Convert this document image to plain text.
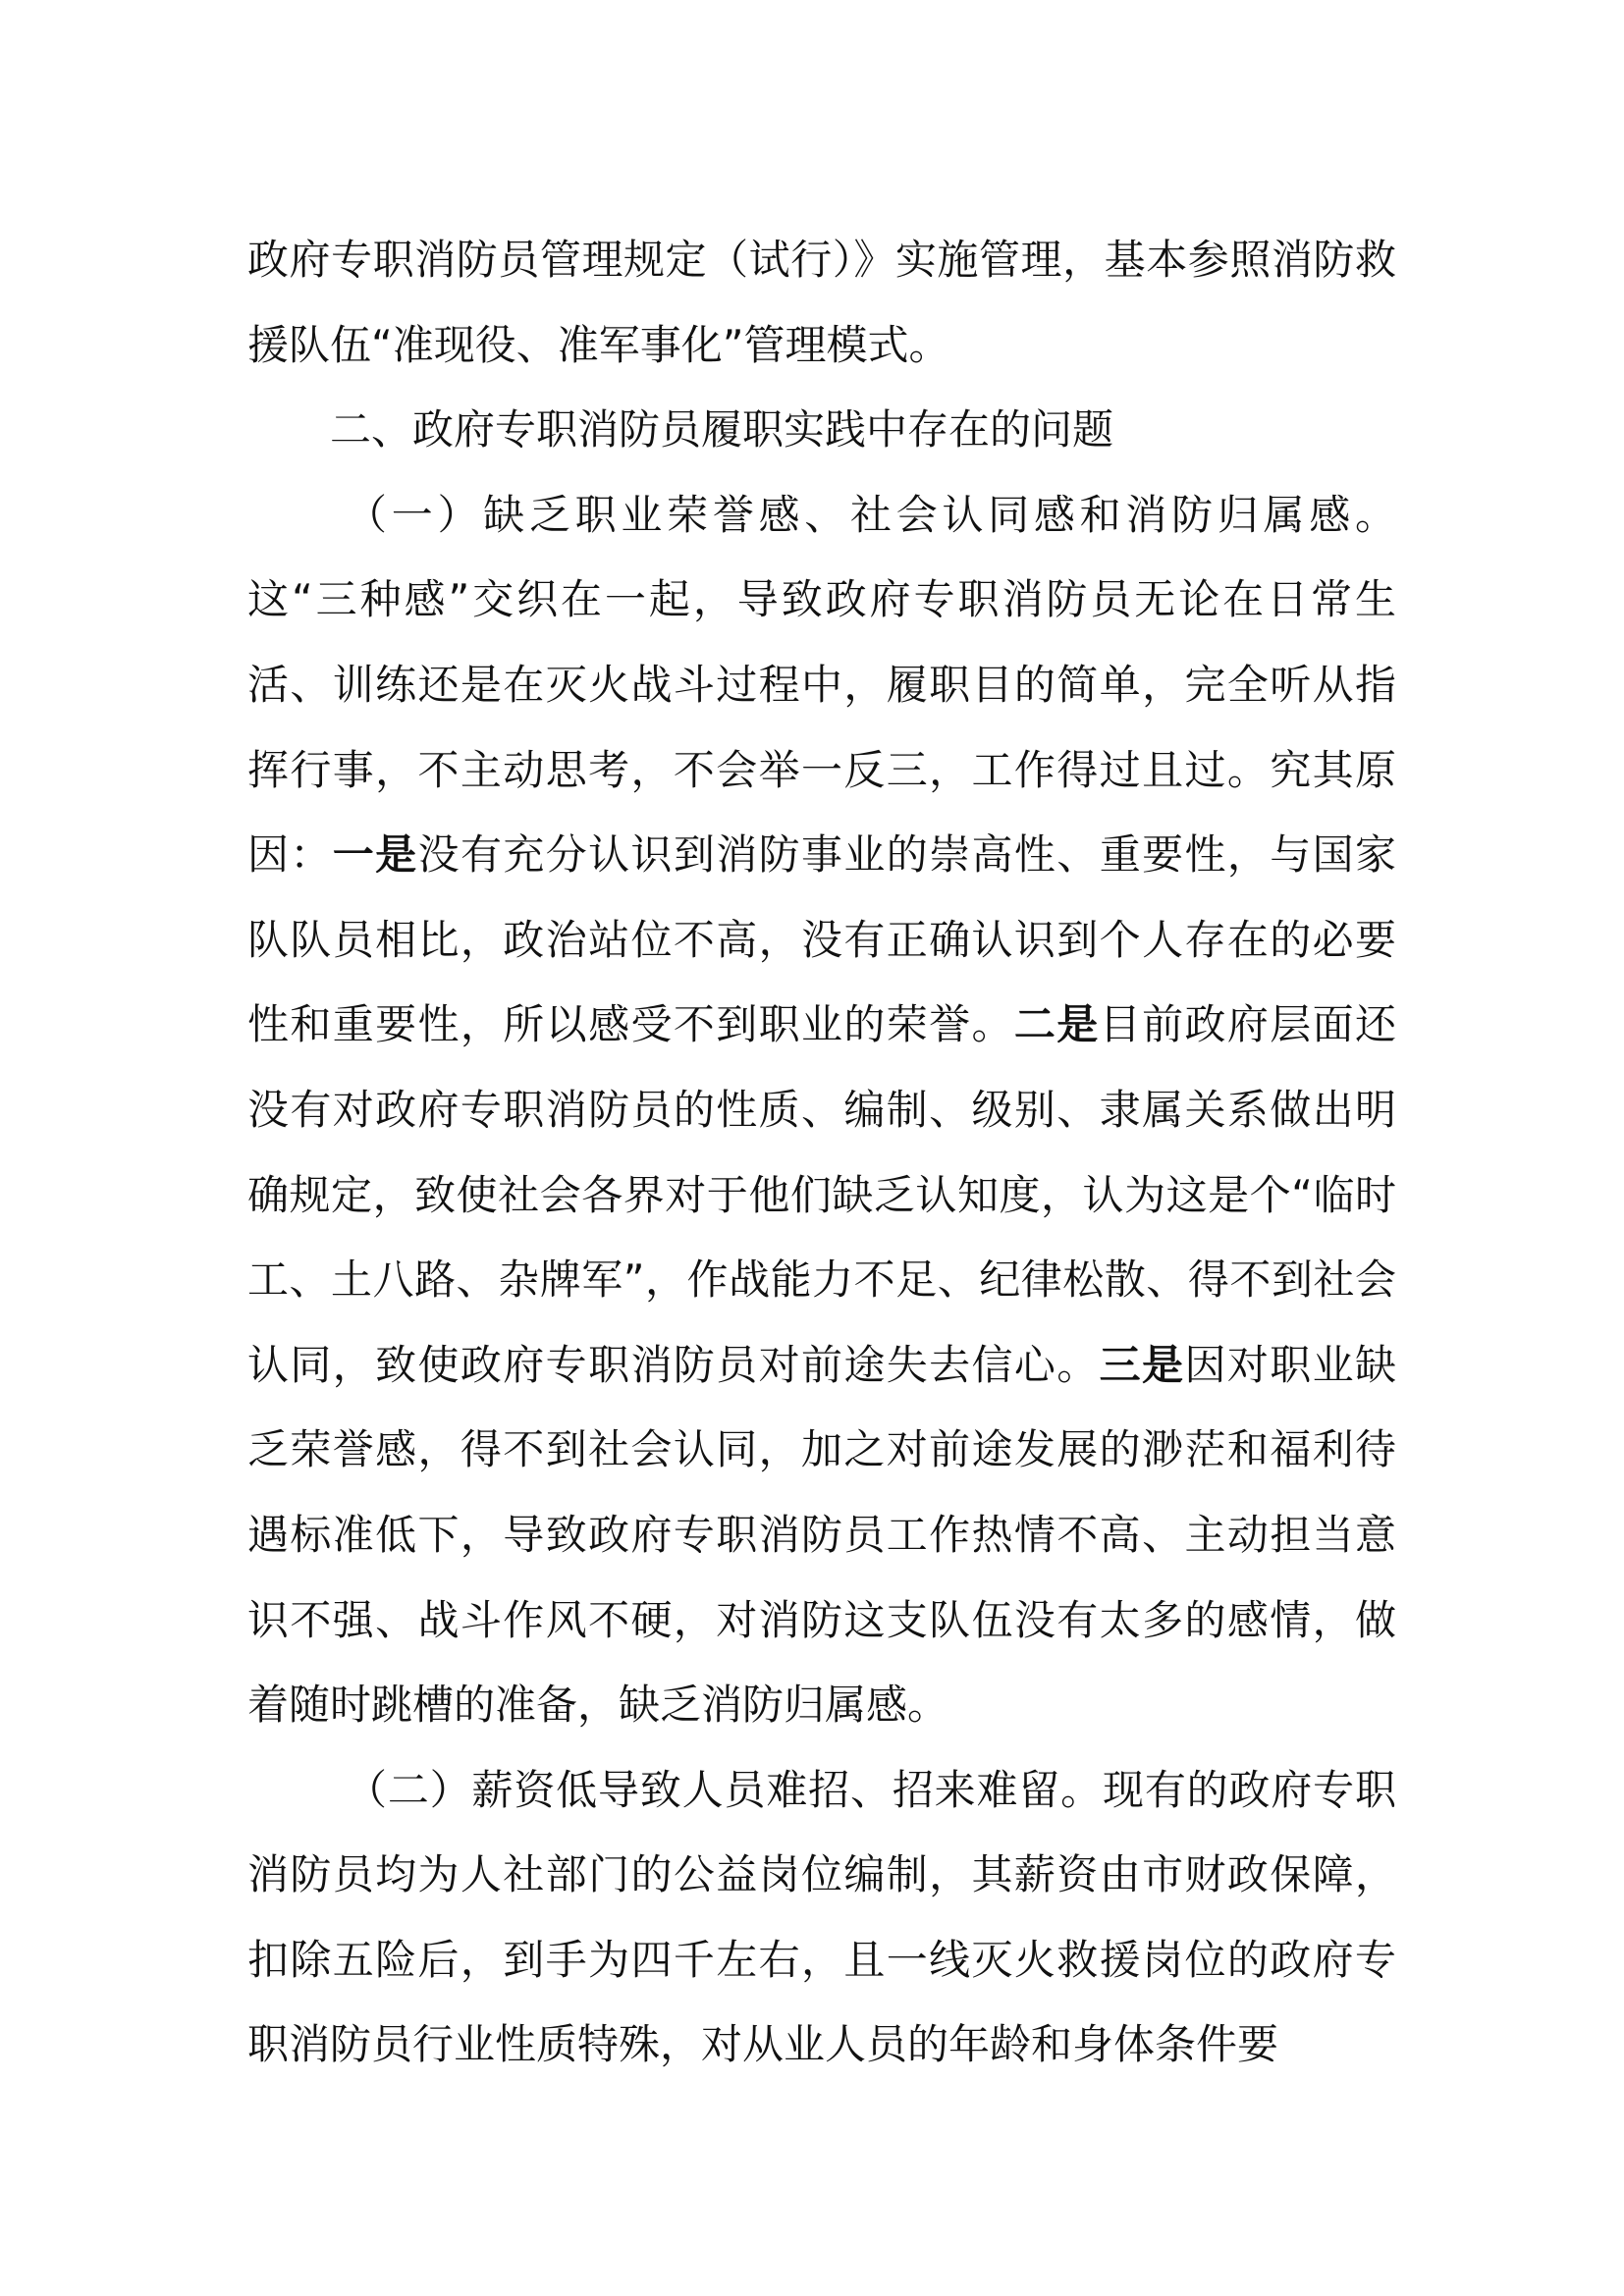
政府专职消防员管理规定（试行）》实施管理，基本参照消防救援队伍“准现役、准军事化”管理模式。

二、政府专职消防员履职实践中存在的问题

（一）缺乏职业荣誉感、社会认同感和消防归属感。这“三种感”交织在一起，导致政府专职消防员无论在日常生活、训练还是在灭火战斗过程中，履职目的简单，完全听从指挥行事，不主动思考，不会举一反三，工作得过且过。究其原因：一是没有充分认识到消防事业的崇高性、重要性，与国家队队员相比，政治站位不高，没有正确认识到个人存在的必要性和重要性，所以感受不到职业的荣誉。二是目前政府层面还没有对政府专职消防员的性质、编制、级别、隶属关系做出明确规定，致使社会各界对于他们缺乏认知度，认为这是个“临时工、土八路、杂牌军”，作战能力不足、纪律松散、得不到社会认同，致使政府专职消防员对前途失去信心。三是因对职业缺乏荣誉感，得不到社会认同，加之对前途发展的渺茫和福利待遇标准低下，导致政府专职消防员工作热情不高、主动担当意识不强、战斗作风不硬，对消防这支队伍没有太多的感情，做着随时跳槽的准备，缺乏消防归属感。

（二）薪资低导致人员难招、招来难留。现有的政府专职消防员均为人社部门的公益岗位编制，其薪资由市财政保障，扣除五险后，到手为四千左右，且一线灭火救援岗位的政府专职消防员行业性质特殊，对从业人员的年龄和身体条件要
